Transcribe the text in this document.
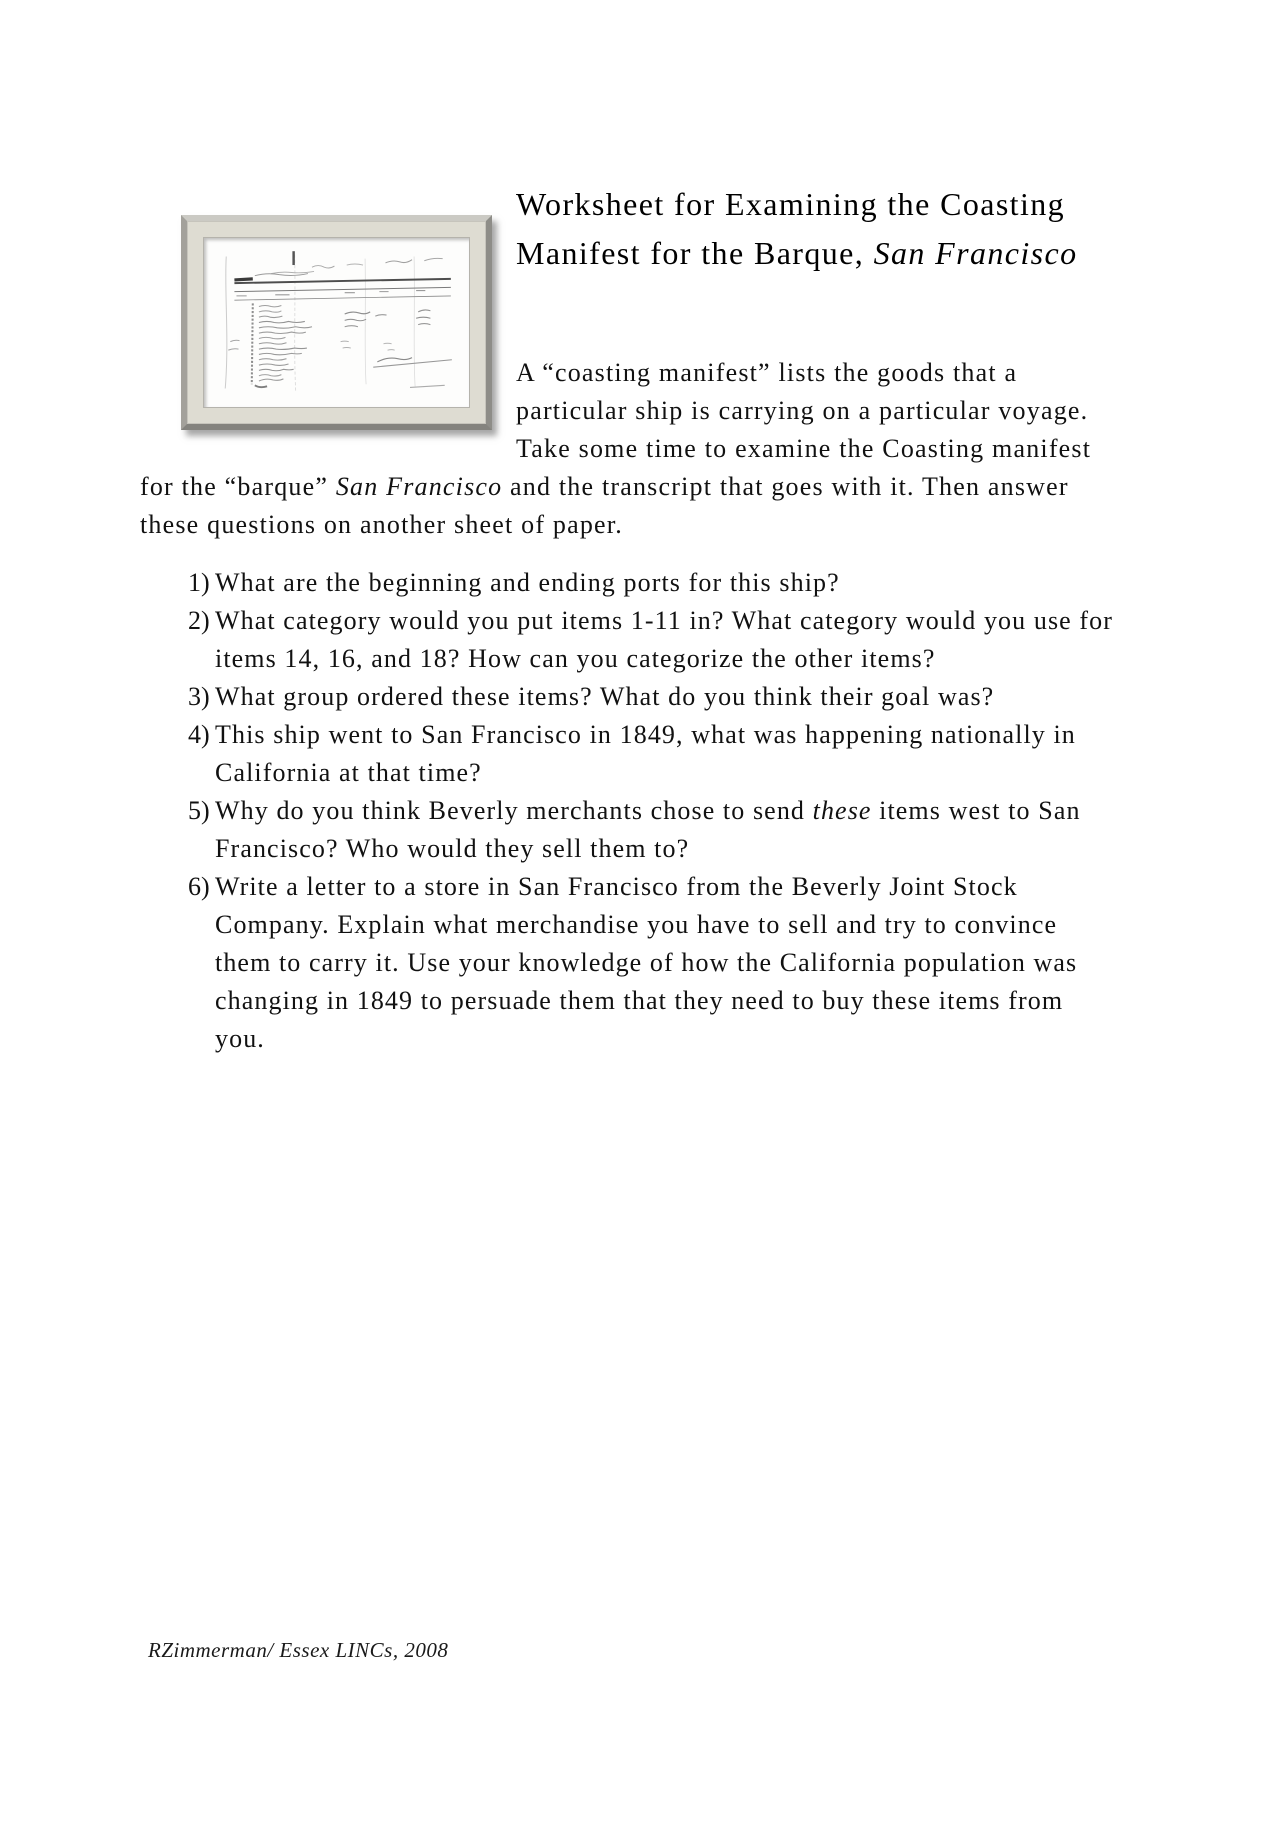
Worksheet for Examining the Coasting
Manifest for the Barque, San Francisco

A “coasting manifest” lists the goods that a particular ship is carrying on a particular voyage. Take some time to examine the Coasting manifest for the “barque” San Francisco and the transcript that goes with it. Then answer these questions on another sheet of paper.

1) What are the beginning and ending ports for this ship?
2) What category would you put items 1-11 in? What category would you use for items 14, 16, and 18? How can you categorize the other items?
3) What group ordered these items? What do you think their goal was?
4) This ship went to San Francisco in 1849, what was happening nationally in California at that time?
5) Why do you think Beverly merchants chose to send these items west to San Francisco? Who would they sell them to?
6) Write a letter to a store in San Francisco from the Beverly Joint Stock Company. Explain what merchandise you have to sell and try to convince them to carry it. Use your knowledge of how the California population was changing in 1849 to persuade them that they need to buy these items from you.
RZimmerman/ Essex LINCs, 2008
